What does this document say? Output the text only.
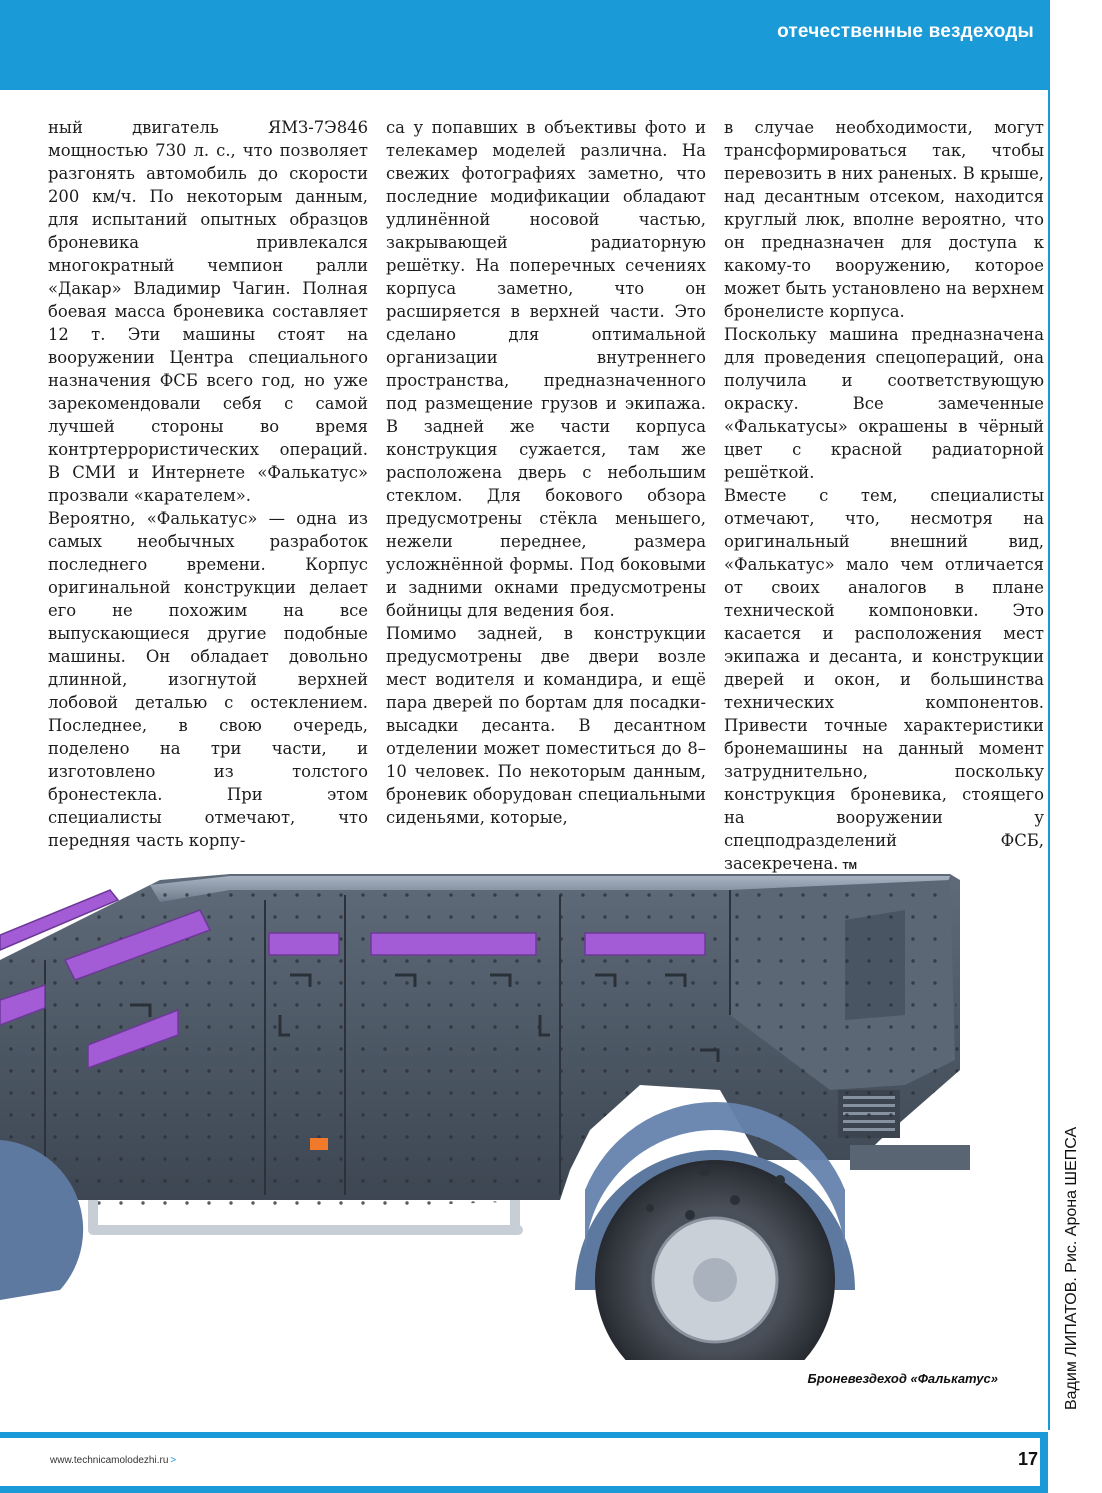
отечественные вездеходы

ный двигатель ЯМЗ-7Э846 мощностью 730 л. с., что позволяет разгонять автомобиль до скорости 200 км/ч. По некоторым данным, для испытаний опытных образцов броневика привлекался многократный чемпион ралли «Дакар» Владимир Чагин. Полная боевая масса броневика составляет 12 т. Эти машины стоят на вооружении Центра специального назначения ФСБ всего год, но уже зарекомендовали себя с самой лучшей стороны во время контртеррористических операций. В СМИ и Интернете «Фалькатус» прозвали «карателем».

Вероятно, «Фалькатус» — одна из самых необычных разработок последнего времени. Корпус оригинальной конструкции делает его не похожим на все выпускающиеся другие подобные машины. Он обладает довольно длинной, изогнутой верхней лобовой деталью с остеклением. Последнее, в свою очередь, поделено на три части, и изготовлено из толстого бронестекла. При этом специалисты отмечают, что передняя часть корпу-

са у попавших в объективы фото и телекамер моделей различна. На свежих фотографиях заметно, что последние модификации обладают удлинённой носовой частью, закрывающей радиаторную решётку. На поперечных сечениях корпуса заметно, что он расширяется в верхней части. Это сделано для оптимальной организации внутреннего пространства, предназначенного под размещение грузов и экипажа. В задней же части корпуса конструкция сужается, там же расположена дверь с небольшим стеклом. Для бокового обзора предусмотрены стёкла меньшего, нежели переднее, размера усложнённой формы. Под боковыми и задними окнами предусмотрены бойницы для ведения боя.

Помимо задней, в конструкции предусмотрены две двери возле мест водителя и командира, и ещё пара дверей по бортам для посадки-высадки десанта. В десантном отделении может поместиться до 8–10 человек. По некоторым данным, броневик оборудован специальными сиденьями, которые,

в случае необходимости, могут трансформироваться так, чтобы перевозить в них раненых. В крыше, над десантным отсеком, находится круглый люк, вполне вероятно, что он предназначен для доступа к какому-то вооружению, которое может быть установлено на верхнем бронелисте корпуса.

Поскольку машина предназначена для проведения спецопераций, она получила и соответствующую окраску. Все замеченные «Фалькатусы» окрашены в чёрный цвет с красной радиаторной решёткой.

Вместе с тем, специалисты отмечают, что, несмотря на оригинальный внешний вид, «Фалькатус» мало чем отличается от своих аналогов в плане технической компоновки. Это касается и расположения мест экипажа и десанта, и конструкции дверей и окон, и большинства технических компонентов. Привести точные характеристики бронемашины на данный момент затруднительно, поскольку конструкция броневика, стоящего на вооружении у спецподразделений ФСБ, засекречена. ТМ

Броневездеход «Фалькатус»	Вадим ЛИПАТОВ. Рис. Арона ШЕПСА
www.technicamolodezhi.ru >	17
